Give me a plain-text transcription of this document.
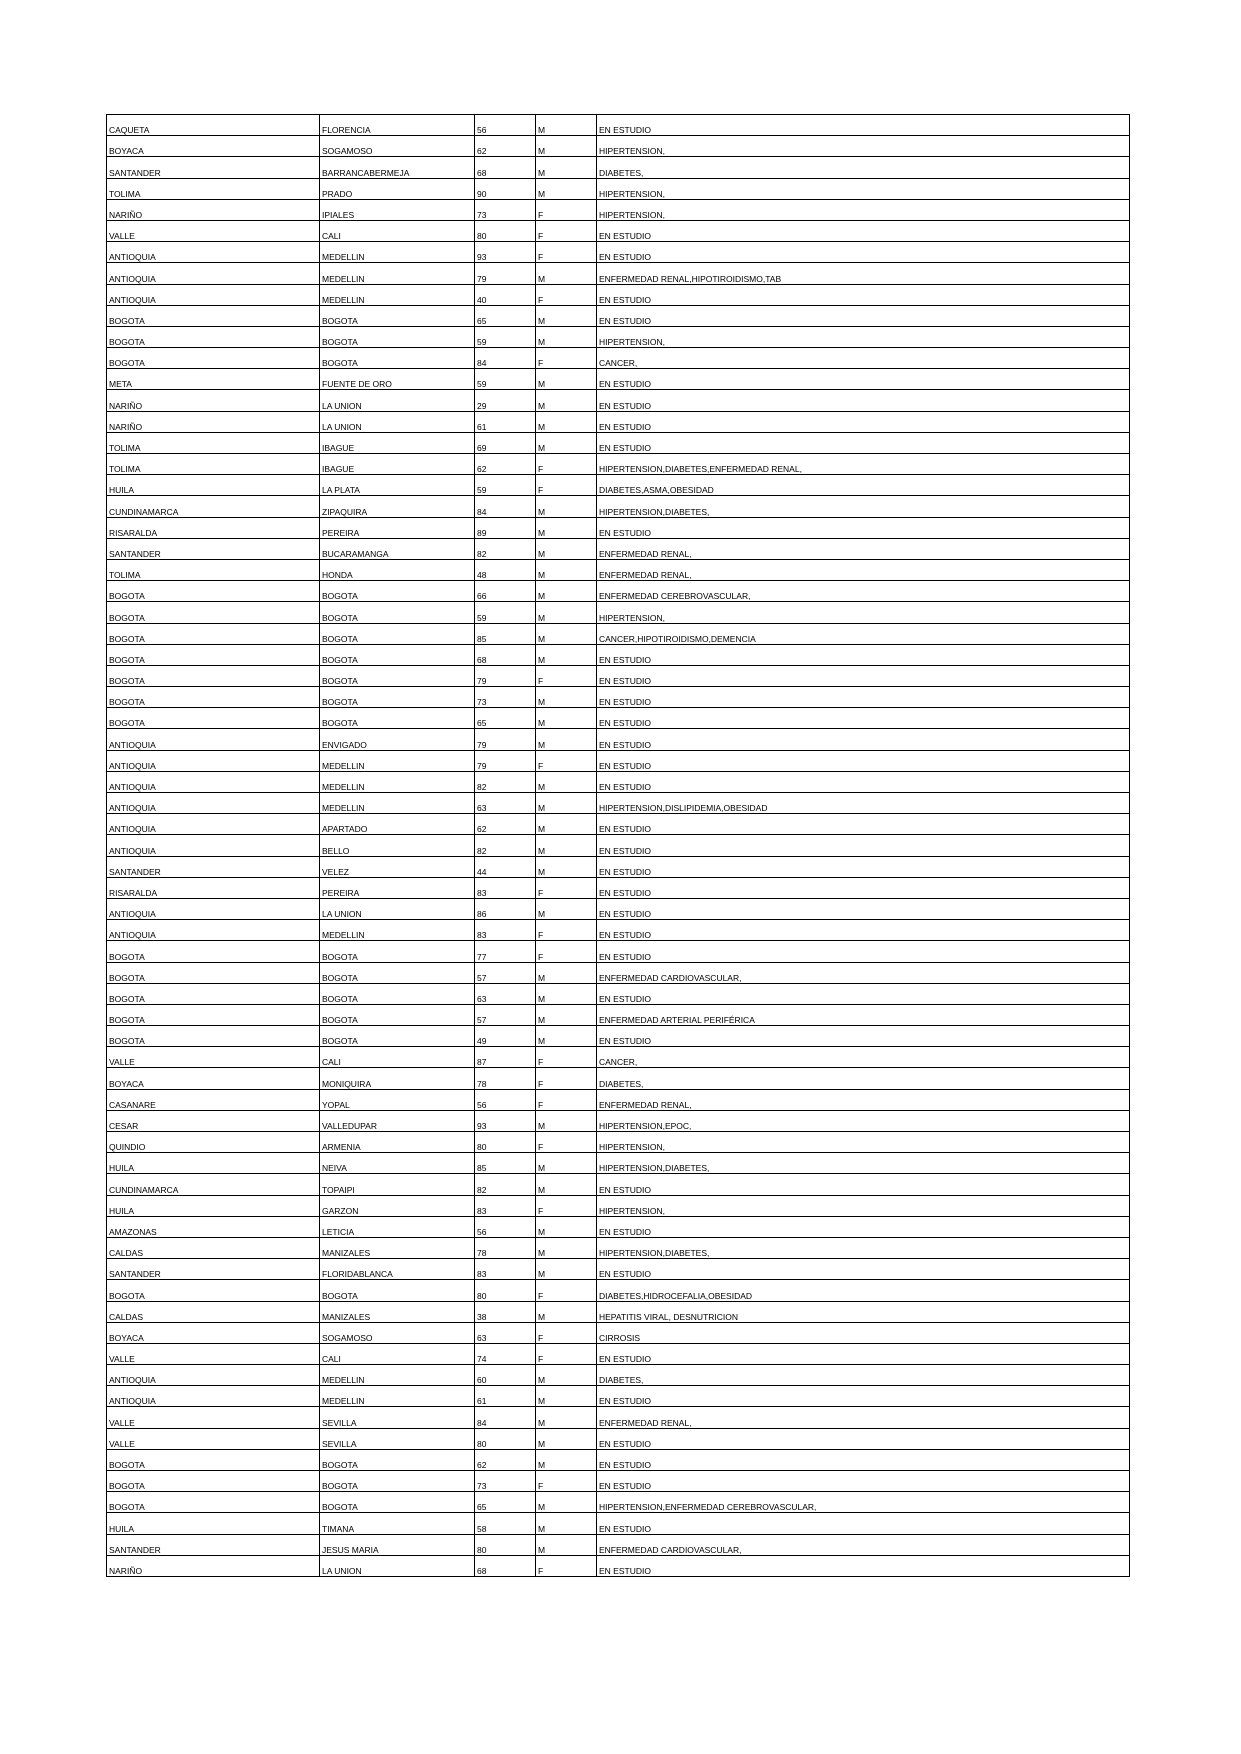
CAQUETA	FLORENCIA	56	M	EN ESTUDIO
BOYACA	SOGAMOSO	62	M	HIPERTENSION,
SANTANDER	BARRANCABERMEJA	68	M	DIABETES,
TOLIMA	PRADO	90	M	HIPERTENSION,
NARIÑO	IPIALES	73	F	HIPERTENSION,
VALLE	CALI	80	F	EN ESTUDIO
ANTIOQUIA	MEDELLIN	93	F	EN ESTUDIO
ANTIOQUIA	MEDELLIN	79	M	ENFERMEDAD RENAL,HIPOTIROIDISMO,TAB
ANTIOQUIA	MEDELLIN	40	F	EN ESTUDIO
BOGOTA	BOGOTA	65	M	EN ESTUDIO
BOGOTA	BOGOTA	59	M	HIPERTENSION,
BOGOTA	BOGOTA	84	F	CANCER,
META	FUENTE DE ORO	59	M	EN ESTUDIO
NARIÑO	LA UNION	29	M	EN ESTUDIO
NARIÑO	LA UNION	61	M	EN ESTUDIO
TOLIMA	IBAGUE	69	M	EN ESTUDIO
TOLIMA	IBAGUE	62	F	HIPERTENSION,DIABETES,ENFERMEDAD RENAL,
HUILA	LA PLATA	59	F	DIABETES,ASMA,OBESIDAD
CUNDINAMARCA	ZIPAQUIRA	84	M	HIPERTENSION,DIABETES,
RISARALDA	PEREIRA	89	M	EN ESTUDIO
SANTANDER	BUCARAMANGA	82	M	ENFERMEDAD RENAL,
TOLIMA	HONDA	48	M	ENFERMEDAD RENAL,
BOGOTA	BOGOTA	66	M	ENFERMEDAD CEREBROVASCULAR,
BOGOTA	BOGOTA	59	M	HIPERTENSION,
BOGOTA	BOGOTA	85	M	CANCER,HIPOTIROIDISMO,DEMENCIA
BOGOTA	BOGOTA	68	M	EN ESTUDIO
BOGOTA	BOGOTA	79	F	EN ESTUDIO
BOGOTA	BOGOTA	73	M	EN ESTUDIO
BOGOTA	BOGOTA	65	M	EN ESTUDIO
ANTIOQUIA	ENVIGADO	79	M	EN ESTUDIO
ANTIOQUIA	MEDELLIN	79	F	EN ESTUDIO
ANTIOQUIA	MEDELLIN	82	M	EN ESTUDIO
ANTIOQUIA	MEDELLIN	63	M	HIPERTENSION,DISLIPIDEMIA,OBESIDAD
ANTIOQUIA	APARTADO	62	M	EN ESTUDIO
ANTIOQUIA	BELLO	82	M	EN ESTUDIO
SANTANDER	VELEZ	44	M	EN ESTUDIO
RISARALDA	PEREIRA	83	F	EN ESTUDIO
ANTIOQUIA	LA UNION	86	M	EN ESTUDIO
ANTIOQUIA	MEDELLIN	83	F	EN ESTUDIO
BOGOTA	BOGOTA	77	F	EN ESTUDIO
BOGOTA	BOGOTA	57	M	ENFERMEDAD CARDIOVASCULAR,
BOGOTA	BOGOTA	63	M	EN ESTUDIO
BOGOTA	BOGOTA	57	M	ENFERMEDAD ARTERIAL PERIFÉRICA
BOGOTA	BOGOTA	49	M	EN ESTUDIO
VALLE	CALI	87	F	CANCER,
BOYACA	MONIQUIRA	78	F	DIABETES,
CASANARE	YOPAL	56	F	ENFERMEDAD RENAL,
CESAR	VALLEDUPAR	93	M	HIPERTENSION,EPOC,
QUINDIO	ARMENIA	80	F	HIPERTENSION,
HUILA	NEIVA	85	M	HIPERTENSION,DIABETES,
CUNDINAMARCA	TOPAIPI	82	M	EN ESTUDIO
HUILA	GARZON	83	F	HIPERTENSION,
AMAZONAS	LETICIA	56	M	EN ESTUDIO
CALDAS	MANIZALES	78	M	HIPERTENSION,DIABETES,
SANTANDER	FLORIDABLANCA	83	M	EN ESTUDIO
BOGOTA	BOGOTA	80	F	DIABETES,HIDROCEFALIA,OBESIDAD
CALDAS	MANIZALES	38	M	HEPATITIS VIRAL, DESNUTRICION
BOYACA	SOGAMOSO	63	F	CIRROSIS
VALLE	CALI	74	F	EN ESTUDIO
ANTIOQUIA	MEDELLIN	60	M	DIABETES,
ANTIOQUIA	MEDELLIN	61	M	EN ESTUDIO
VALLE	SEVILLA	84	M	ENFERMEDAD RENAL,
VALLE	SEVILLA	80	M	EN ESTUDIO
BOGOTA	BOGOTA	62	M	EN ESTUDIO
BOGOTA	BOGOTA	73	F	EN ESTUDIO
BOGOTA	BOGOTA	65	M	HIPERTENSION,ENFERMEDAD CEREBROVASCULAR,
HUILA	TIMANA	58	M	EN ESTUDIO
SANTANDER	JESUS MARIA	80	M	ENFERMEDAD CARDIOVASCULAR,
NARIÑO	LA UNION	68	F	EN ESTUDIO
